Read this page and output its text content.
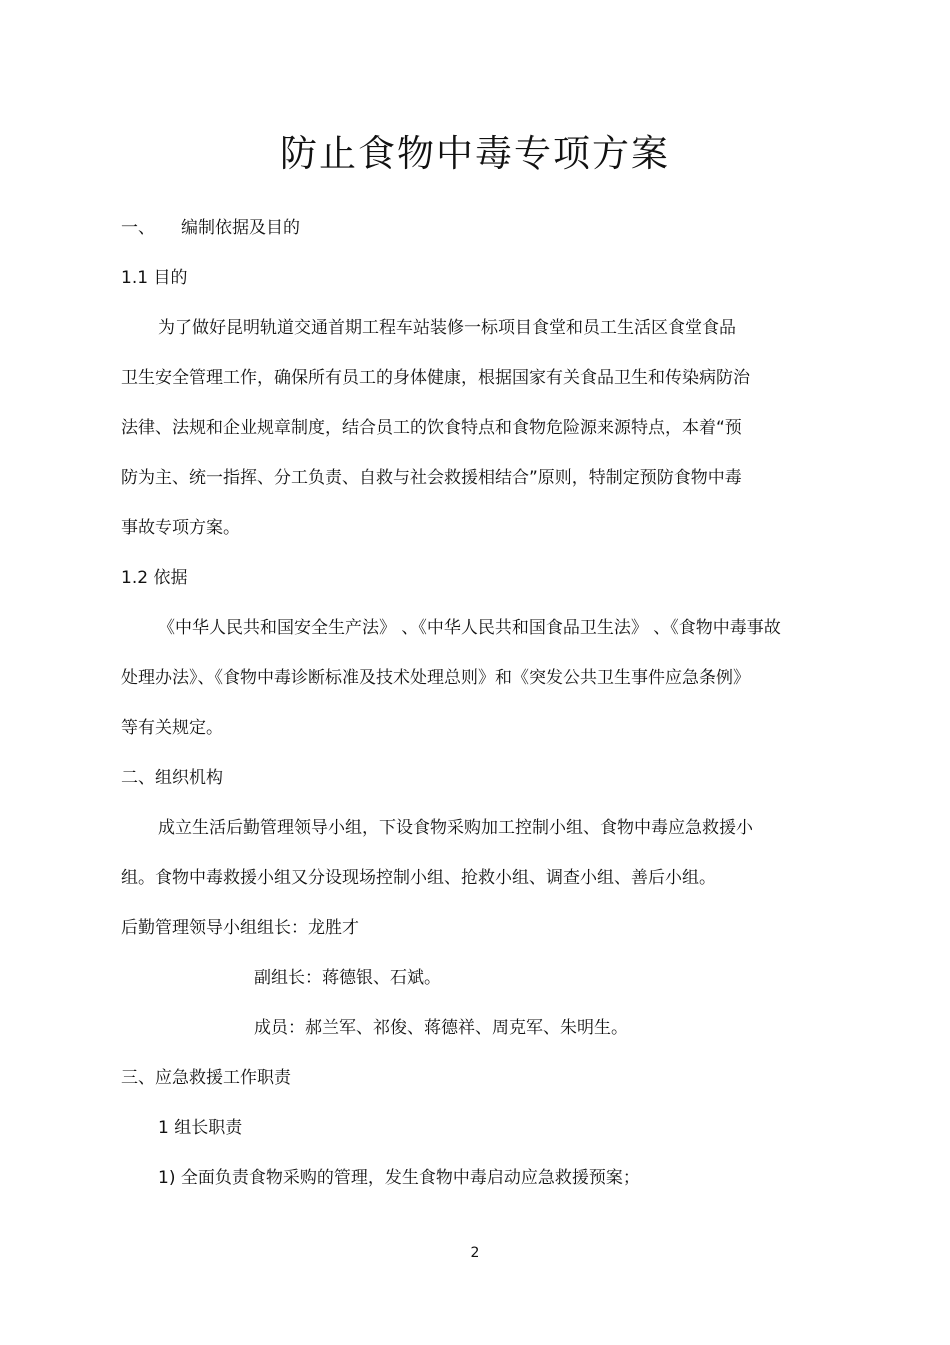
防止食物中毒专项方案
一、 编制依据及目的
1.1 目的
为了做好昆明轨道交通首期工程车站装修一标项目食堂和员工生活区食堂食品
卫生安全管理工作，确保所有员工的身体健康，根据国家有关食品卫生和传染病防治
法律、法规和企业规章制度，结合员工的饮食特点和食物危险源来源特点，本着“预
防为主、统一指挥、分工负责、自救与社会救援相结合”原则，特制定预防食物中毒
事故专项方案。
1.2 依据
《中华人民共和国安全生产法》 、《中华人民共和国食品卫生法》 、《食物中毒事故
处理办法》、《食物中毒诊断标准及技术处理总则》和《突发公共卫生事件应急条例》
等有关规定。
二、组织机构
成立生活后勤管理领导小组，下设食物采购加工控制小组、食物中毒应急救援小
组。食物中毒救援小组又分设现场控制小组、抢救小组、调查小组、善后小组。
后勤管理领导小组组长：龙胜才
副组长：蒋德银、石斌。
成员：郝兰军、祁俊、蒋德祥、周克军、朱明生。
三、应急救援工作职责
1 组长职责
1) 全面负责食物采购的管理，发生食物中毒启动应急救援预案；
2
